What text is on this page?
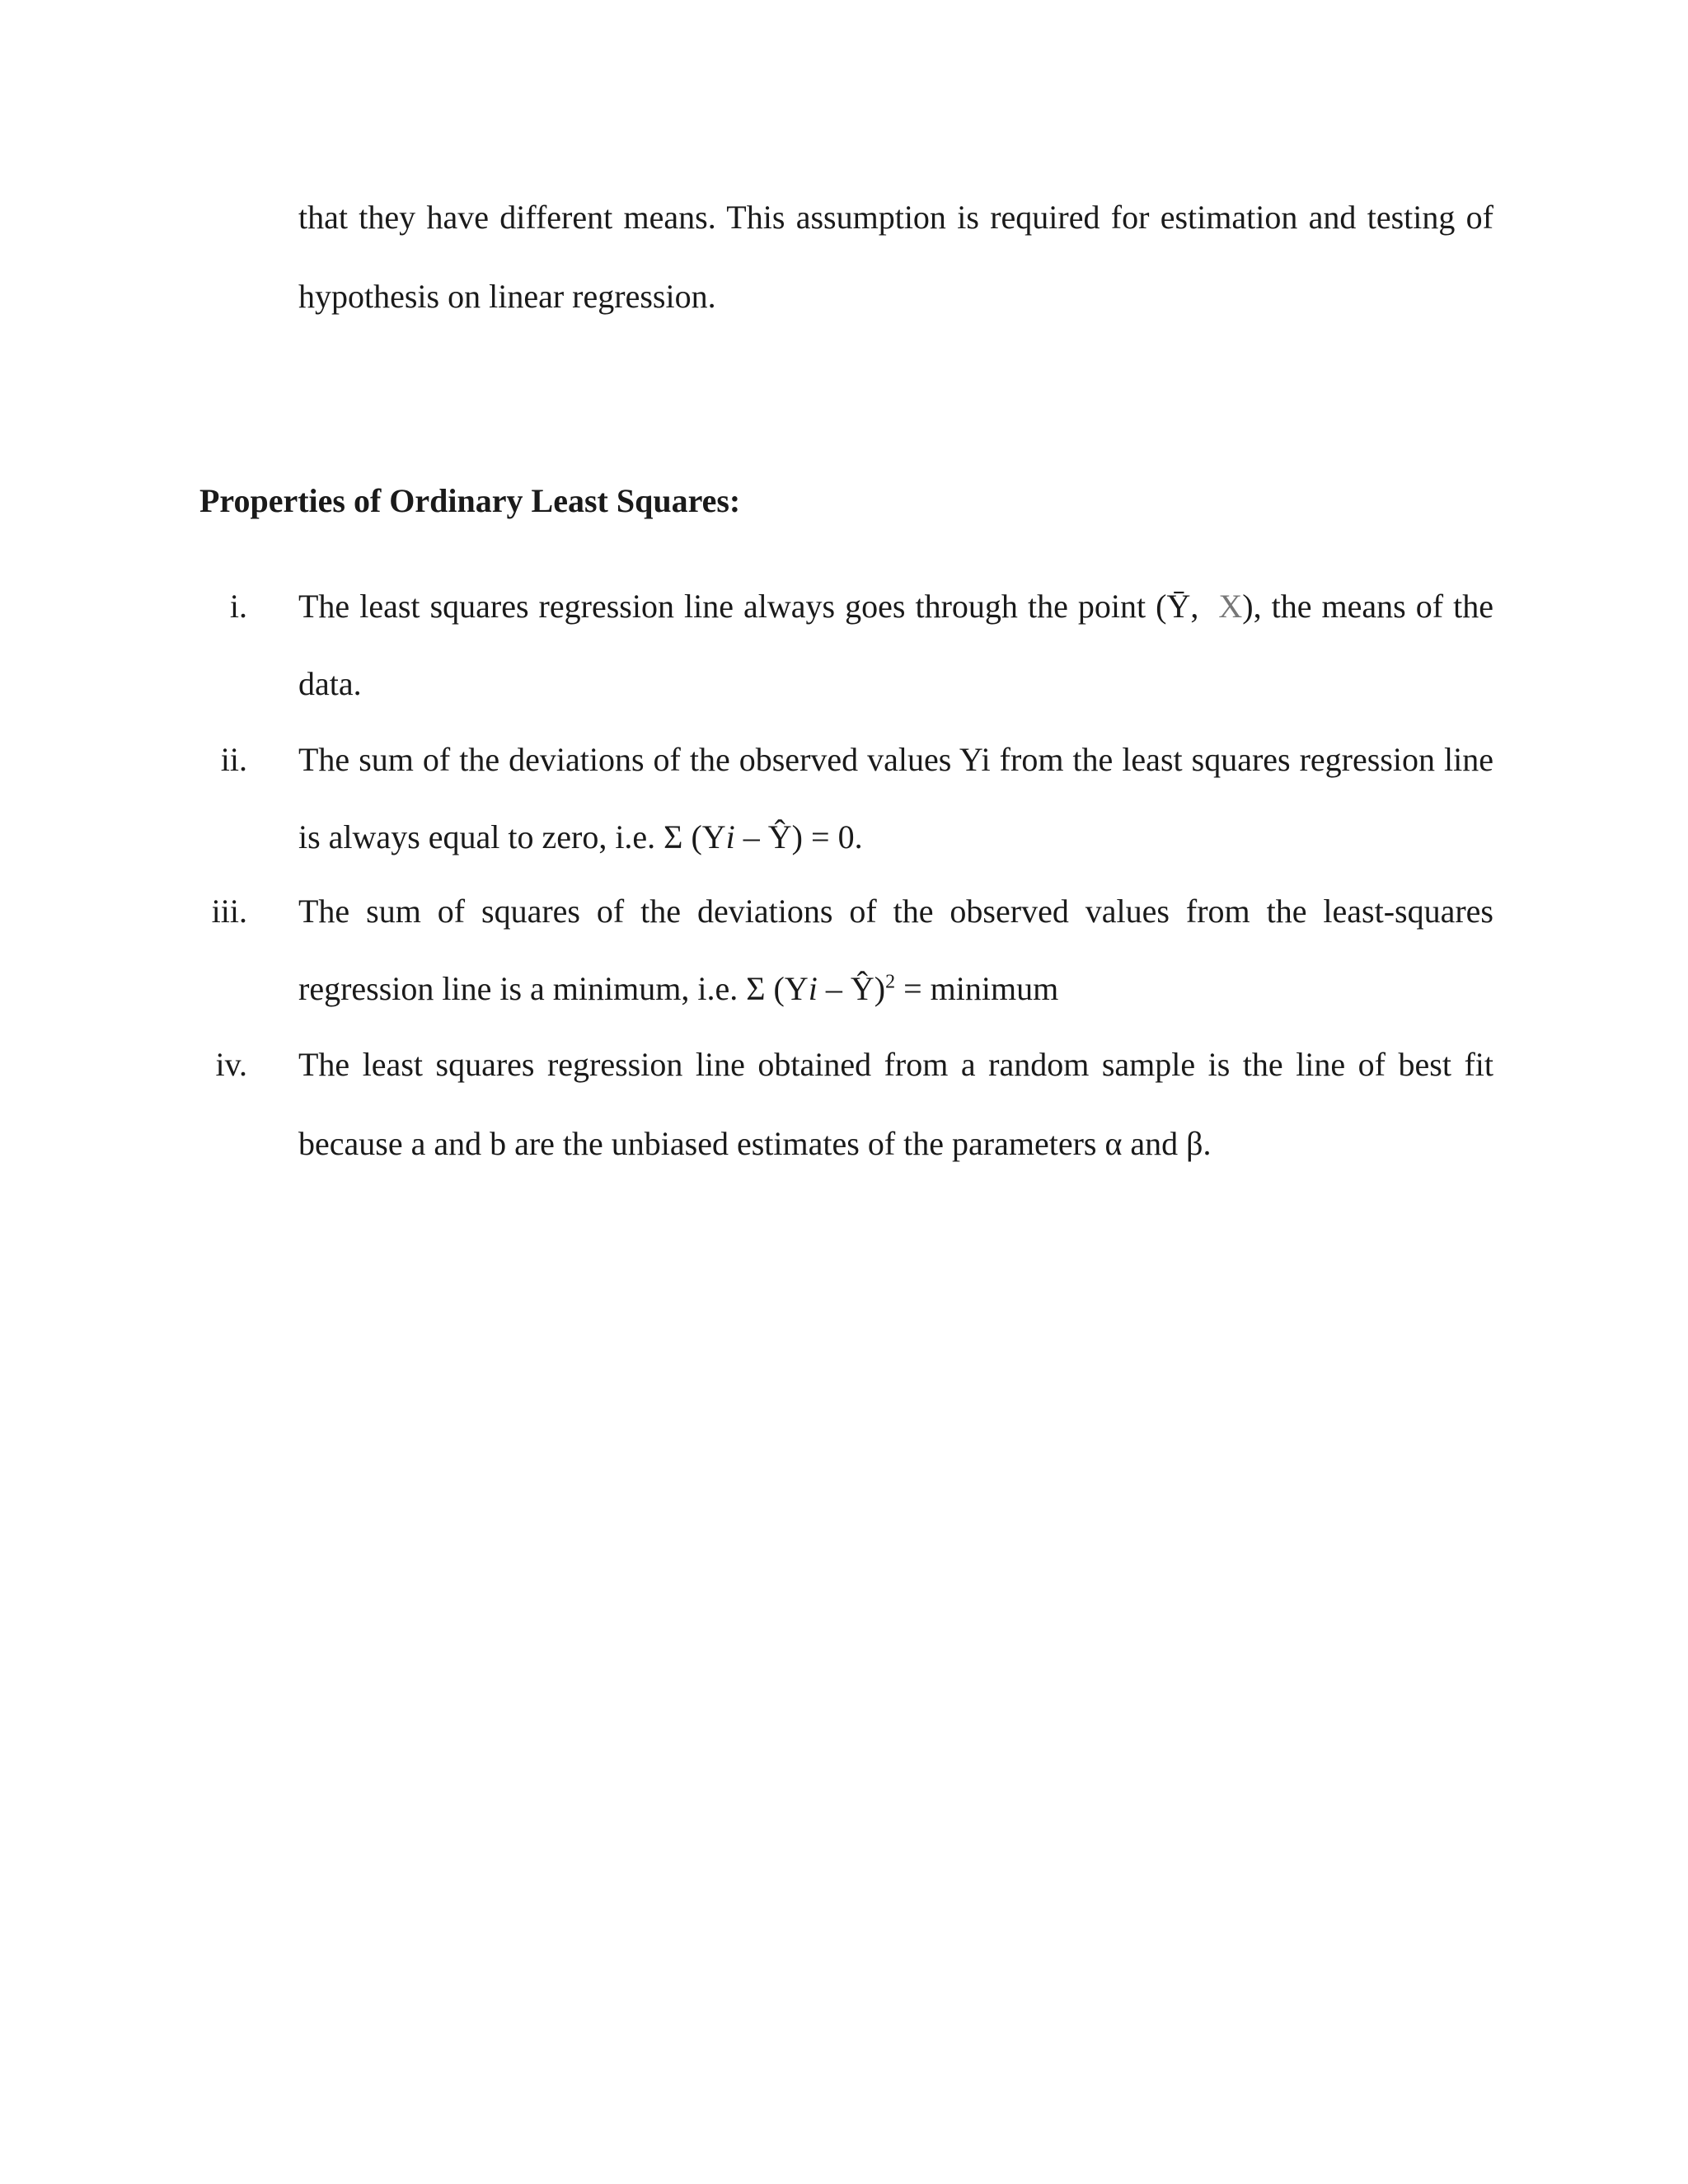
that they have different means. This assumption is required for estimation and testing of
hypothesis on linear regression.
Properties of Ordinary Least Squares:
i. The least squares regression line always goes through the point (Ȳ, X), the means of the
data.
ii. The sum of the deviations of the observed values Yi from the least squares regression line
is always equal to zero, i.e. Σ (Yi – Ŷ) = 0.
iii. The sum of squares of the deviations of the observed values from the least-squares
regression line is a minimum, i.e. Σ (Yi – Ŷ)$^2$ = minimum
iv. The least squares regression line obtained from a random sample is the line of best fit
because a and b are the unbiased estimates of the parameters α and β.
